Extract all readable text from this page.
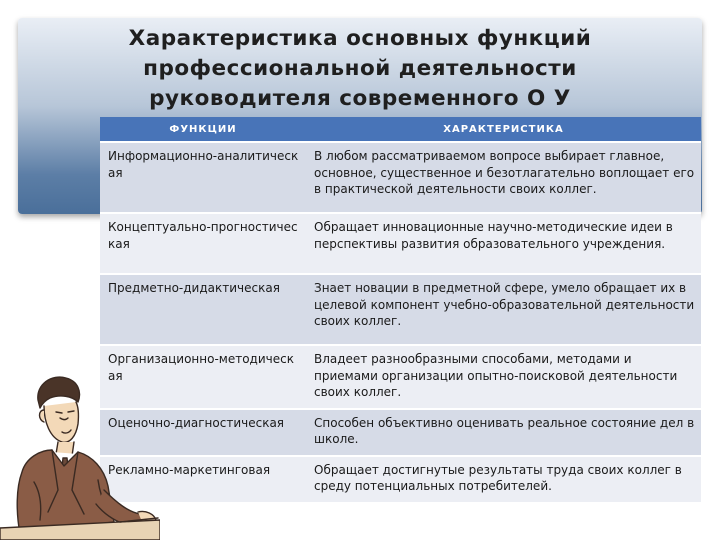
Характеристика основных функций профессиональной деятельности руководителя современного О У
ФУНКЦИИ	ХАРАКТЕРИСТИКА
Информационно-аналитическая	В любом рассматриваемом вопросе выбирает главное, основное, существенное и безотлагательно воплощает его в практической деятельности своих коллег.
Концептуально-прогностическая	Обращает инновационные научно-методические идеи в перспективы развития образовательного учреждения.
Предметно-дидактическая	Знает новации в предметной сфере, умело обращает их в целевой компонент учебно-образовательной деятельности своих коллег.
Организационно-методическая	Владеет разнообразными способами, методами и приемами организации опытно-поисковой деятельности своих коллег.
Оценочно-диагностическая	Способен объективно оценивать реальное состояние дел в школе.
Рекламно-маркетинговая	Обращает достигнутые результаты труда своих коллег в среду потенциальных потребителей.
